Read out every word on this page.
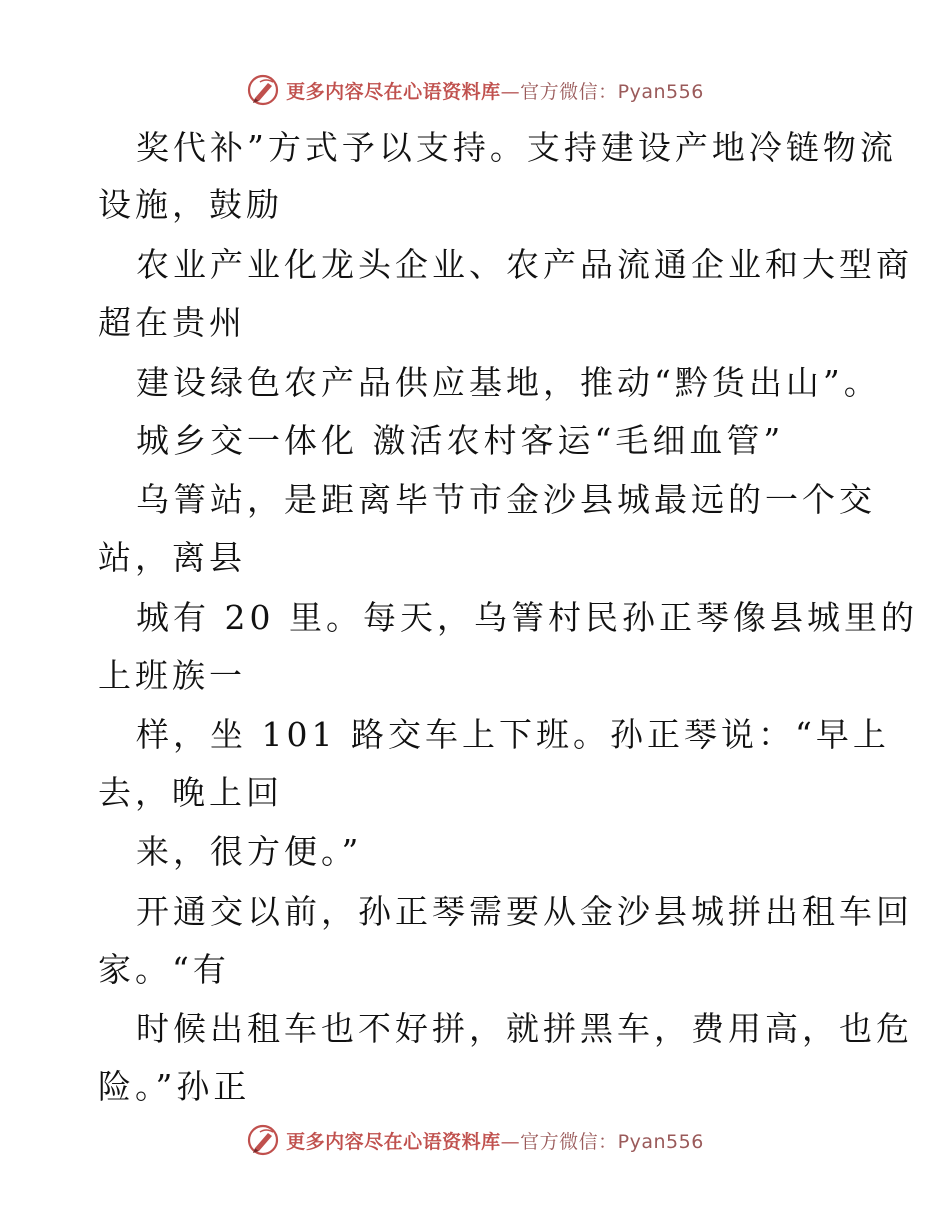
更多内容尽在心语资料库—官方微信：Pyan556
奖代补”方式予以支持。支持建设产地冷链物流
设施，鼓励
农业产业化龙头企业、农产品流通企业和大型商
超在贵州
建设绿色农产品供应基地，推动“黔货出山”。
城乡交一体化 激活农村客运“毛细血管”
乌箐站，是距离毕节市金沙县城最远的一个交
站，离县
城有 20 里。每天，乌箐村民孙正琴像县城里的
上班族一
样，坐 101 路交车上下班。孙正琴说：“早上
去，晚上回
来，很方便。”
开通交以前，孙正琴需要从金沙县城拼出租车回
家。“有
时候出租车也不好拼，就拼黑车，费用高，也危
险。”孙正
更多内容尽在心语资料库—官方微信：Pyan556
